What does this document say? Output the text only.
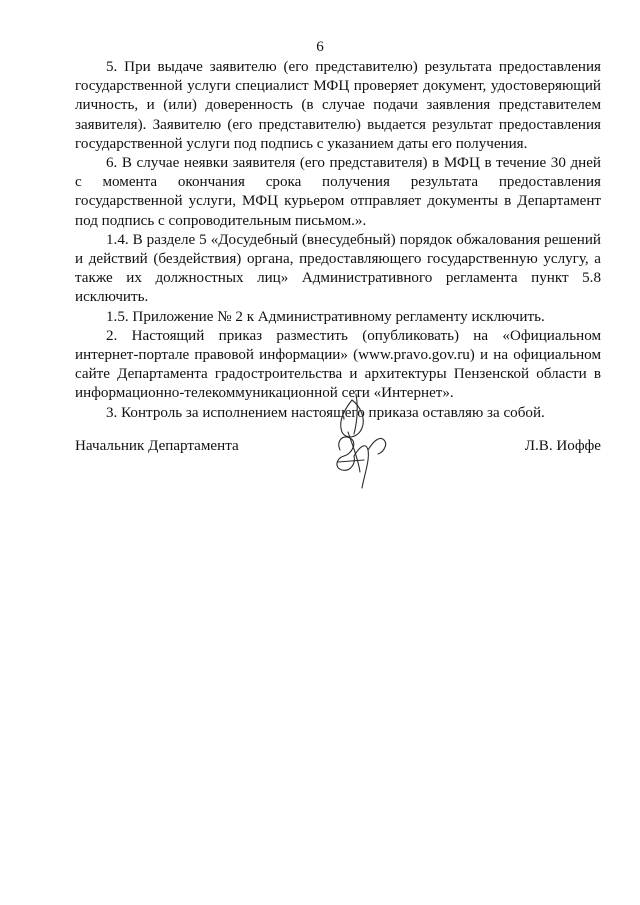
6

5. При выдаче заявителю (его представителю) результата предоставления государственной услуги специалист МФЦ проверяет документ, удостоверяющий личность, и (или) доверенность (в случае подачи заявления представителем заявителя). Заявителю (его представителю) выдается результат предоставления государственной услуги под подпись с указанием даты его получения.

6. В случае неявки заявителя (его представителя) в МФЦ в течение 30 дней с момента окончания срока получения результата предоставления государственной услуги, МФЦ курьером отправляет документы в Департамент под подпись с сопроводительным письмом.».

1.4. В разделе 5 «Досудебный (внесудебный) порядок обжалования решений и действий (бездействия) органа, предоставляющего государственную услугу, а также их должностных лиц» Административного регламента пункт 5.8 исключить.

1.5. Приложение № 2 к Административному регламенту исключить.

2. Настоящий приказ разместить (опубликовать) на «Официальном интернет-портале правовой информации» (www.pravo.gov.ru) и на официальном сайте Департамента градостроительства и архитектуры Пензенской области в информационно-телекоммуникационной сети «Интернет».

3. Контроль за исполнением настоящего приказа оставляю за собой.

Начальник Департамента	Л.В. Иоффе
